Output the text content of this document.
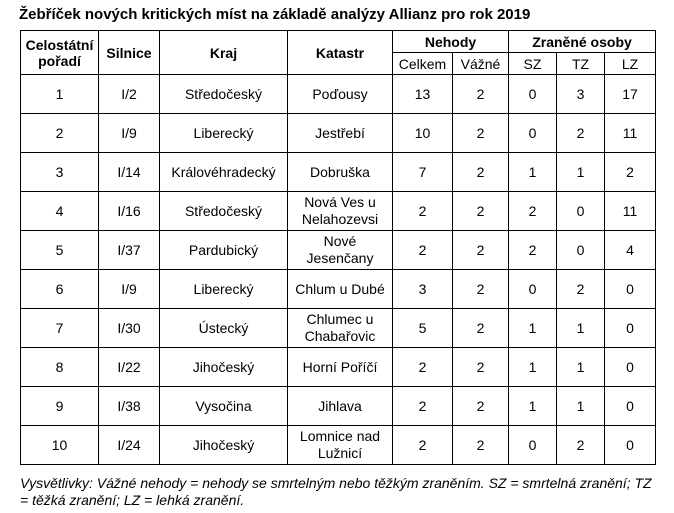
Žebříček nových kritických míst na základě analýzy Allianz pro rok 2019
Celostátní pořadí	Silnice	Kraj	Katastr	Nehody		Zraněné osoby		
				Celkem	Vážné	SZ	TZ	LZ
1	I/2	Středočeský	Poďousy	13	2	0	3	17
2	I/9	Liberecký	Jestřebí	10	2	0	2	11
3	I/14	Královéhradecký	Dobruška	7	2	1	1	2
4	I/16	Středočeský	Nová Ves u Nelahozevsi	2	2	2	0	11
5	I/37	Pardubický	Nové Jesenčany	2	2	2	0	4
6	I/9	Liberecký	Chlum u Dubé	3	2	0	2	0
7	I/30	Ústecký	Chlumec u Chabařovic	5	2	1	1	0
8	I/22	Jihočeský	Horní Poříčí	2	2	1	1	0
9	I/38	Vysočina	Jihlava	2	2	1	1	0
10	I/24	Jihočeský	Lomnice nad Lužnicí	2	2	0	2	0
Vysvětlivky: Vážné nehody = nehody se smrtelným nebo těžkým zraněním. SZ = smrtelná zranění; TZ = těžká zranění; LZ = lehká zranění.
